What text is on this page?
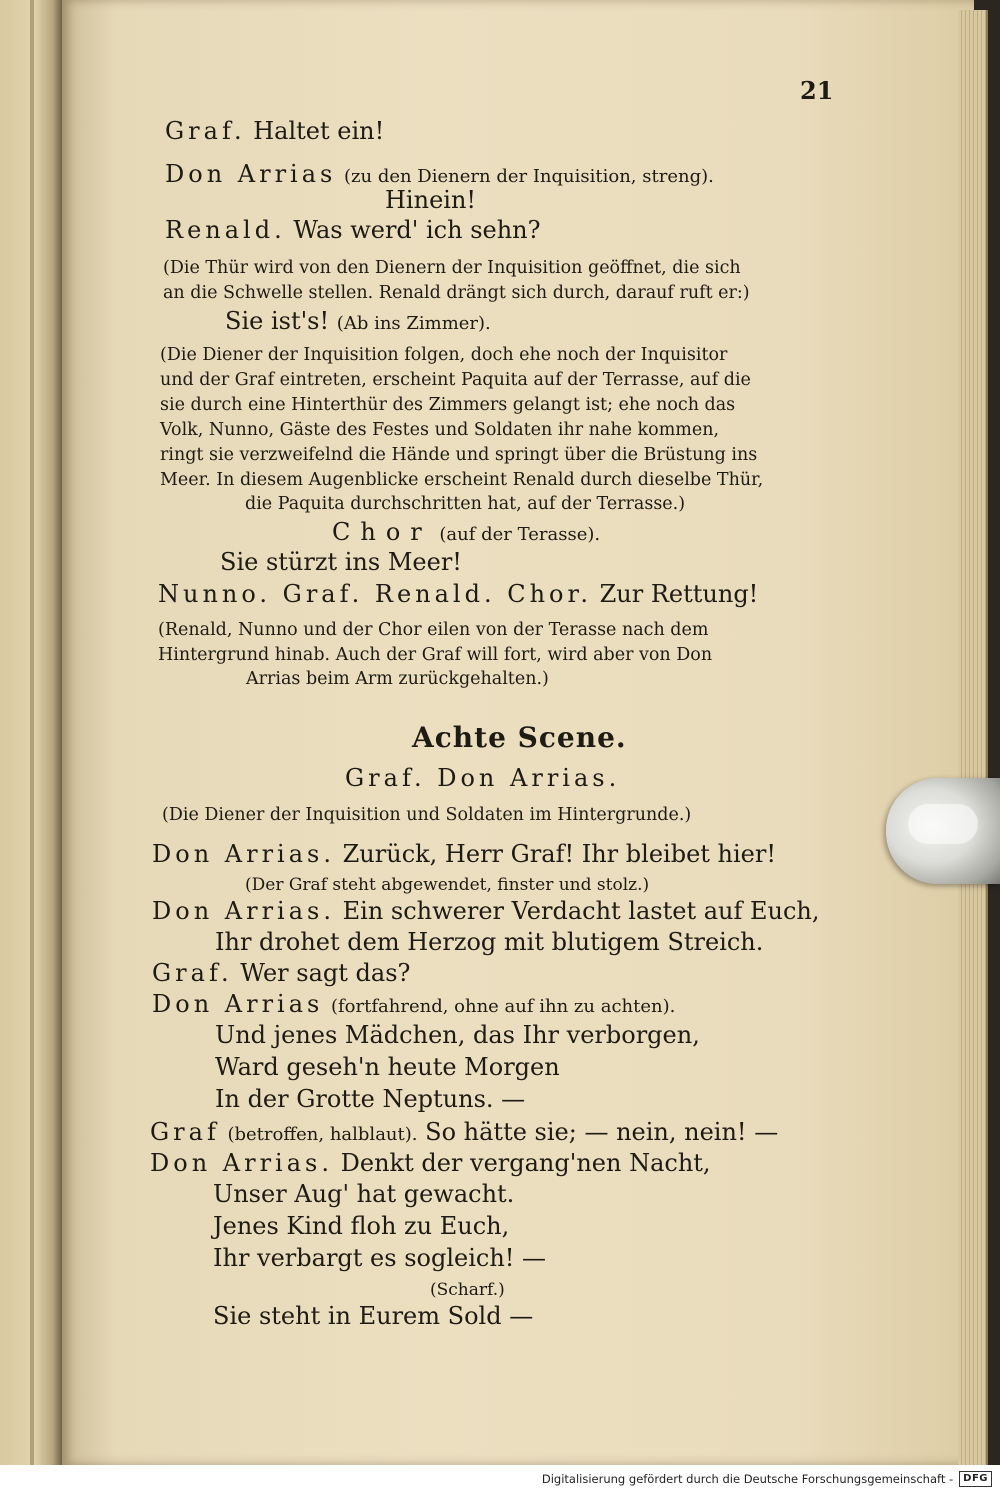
21
Graf. Haltet ein!
Don Arrias (zu den Dienern der Inquisition, streng).
Hinein!
Renald. Was werd' ich sehn?
(Die Thür wird von den Dienern der Inquisition geöffnet, die sich
an die Schwelle stellen. Renald drängt sich durch, darauf ruft er:)
Sie ist's! (Ab ins Zimmer).
(Die Diener der Inquisition folgen, doch ehe noch der Inquisitor
und der Graf eintreten, erscheint Paquita auf der Terrasse, auf die
sie durch eine Hinterthür des Zimmers gelangt ist; ehe noch das
Volk, Nunno, Gäste des Festes und Soldaten ihr nahe kommen,
ringt sie verzweifelnd die Hände und springt über die Brüstung ins
Meer. In diesem Augenblicke erscheint Renald durch dieselbe Thür,
die Paquita durchschritten hat, auf der Terrasse.)
Chor (auf der Terasse).
Sie stürzt ins Meer!
Nunno. Graf. Renald. Chor. Zur Rettung!
(Renald, Nunno und der Chor eilen von der Terasse nach dem
Hintergrund hinab. Auch der Graf will fort, wird aber von Don
Arrias beim Arm zurückgehalten.)
Achte Scene.
Graf. Don Arrias.
(Die Diener der Inquisition und Soldaten im Hintergrunde.)
Don Arrias. Zurück, Herr Graf! Ihr bleibet hier!
(Der Graf steht abgewendet, finster und stolz.)
Don Arrias. Ein schwerer Verdacht lastet auf Euch,
Ihr drohet dem Herzog mit blutigem Streich.
Graf. Wer sagt das?
Don Arrias (fortfahrend, ohne auf ihn zu achten).
Und jenes Mädchen, das Ihr verborgen,
Ward geseh'n heute Morgen
In der Grotte Neptuns. —
Graf (betroffen, halblaut). So hätte sie; — nein, nein! —
Don Arrias. Denkt der vergang'nen Nacht,
Unser Aug' hat gewacht.
Jenes Kind floh zu Euch,
Ihr verbargt es sogleich! —
(Scharf.)
Sie steht in Eurem Sold —
Digitalisierung gefördert durch die Deutsche Forschungsgemeinschaft -	DFG
